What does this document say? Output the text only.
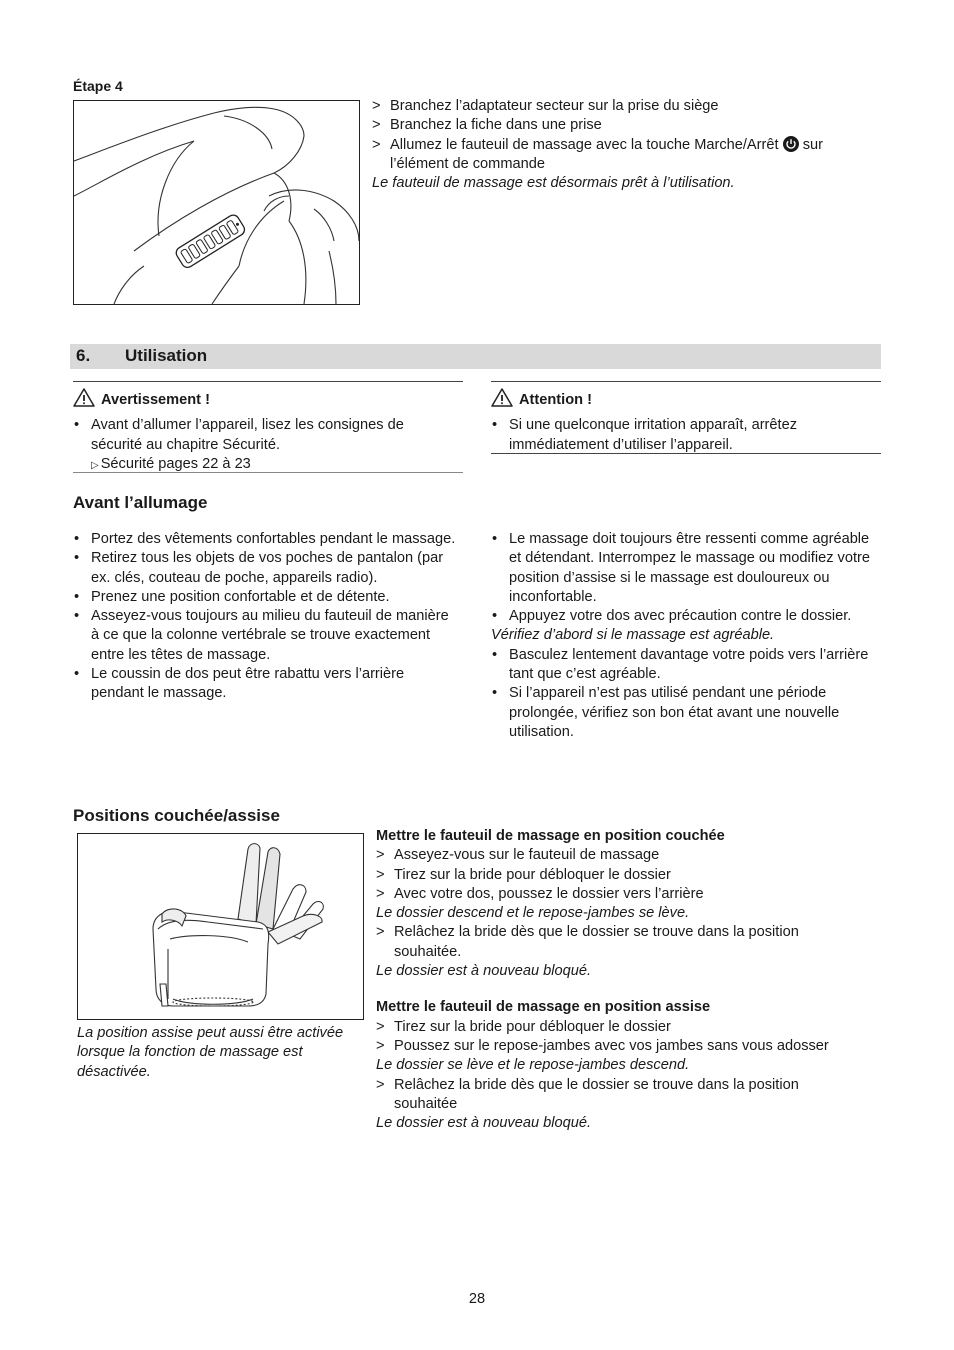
Étape 4
> Branchez l’adaptateur secteur sur la prise du siège
> Branchez la fiche dans une prise
> Allumez le fauteuil de massage avec la touche Marche/Arrêt sur l’élément de commande
Le fauteuil de massage est désormais prêt à l’utilisation.
6. Utilisation
Avertissement !
• Avant d’allumer l’appareil, lisez les consignes de sécurité au chapitre Sécurité.
▷ Sécurité pages 22 à 23
Attention !
• Si une quelconque irritation apparaît, arrêtez immédiatement d’utiliser l’appareil.
Avant l’allumage
• Portez des vêtements confortables pendant le massage.
• Retirez tous les objets de vos poches de pantalon (par ex. clés, couteau de poche, appareils radio).
• Prenez une position confortable et de détente.
• Asseyez-vous toujours au milieu du fauteuil de manière à ce que la colonne vertébrale se trouve exactement entre les têtes de massage.
• Le coussin de dos peut être rabattu vers l’arrière pendant le massage.
• Le massage doit toujours être ressenti comme agréable et détendant. Interrompez le massage ou modifiez votre position d’assise si le massage est douloureux ou inconfortable.
• Appuyez votre dos avec précaution contre le dossier.
Vérifiez d’abord si le massage est agréable.
• Basculez lentement davantage votre poids vers l’arrière tant que c’est agréable.
• Si l’appareil n’est pas utilisé pendant une période prolongée, vérifiez son bon état avant une nouvelle utilisation.
Positions couchée/assise
La position assise peut aussi être activée lorsque la fonction de massage est désactivée.
Mettre le fauteuil de massage en position couchée
> Asseyez-vous sur le fauteuil de massage
> Tirez sur la bride pour débloquer le dossier
> Avec votre dos, poussez le dossier vers l’arrière
Le dossier descend et le repose-jambes se lève.
> Relâchez la bride dès que le dossier se trouve dans la position souhaitée.
Le dossier est à nouveau bloqué.
Mettre le fauteuil de massage en position assise
> Tirez sur la bride pour débloquer le dossier
> Poussez sur le repose-jambes avec vos jambes sans vous adosser
Le dossier se lève et le repose-jambes descend.
> Relâchez la bride dès que le dossier se trouve dans la position souhaitée
Le dossier est à nouveau bloqué.
28
